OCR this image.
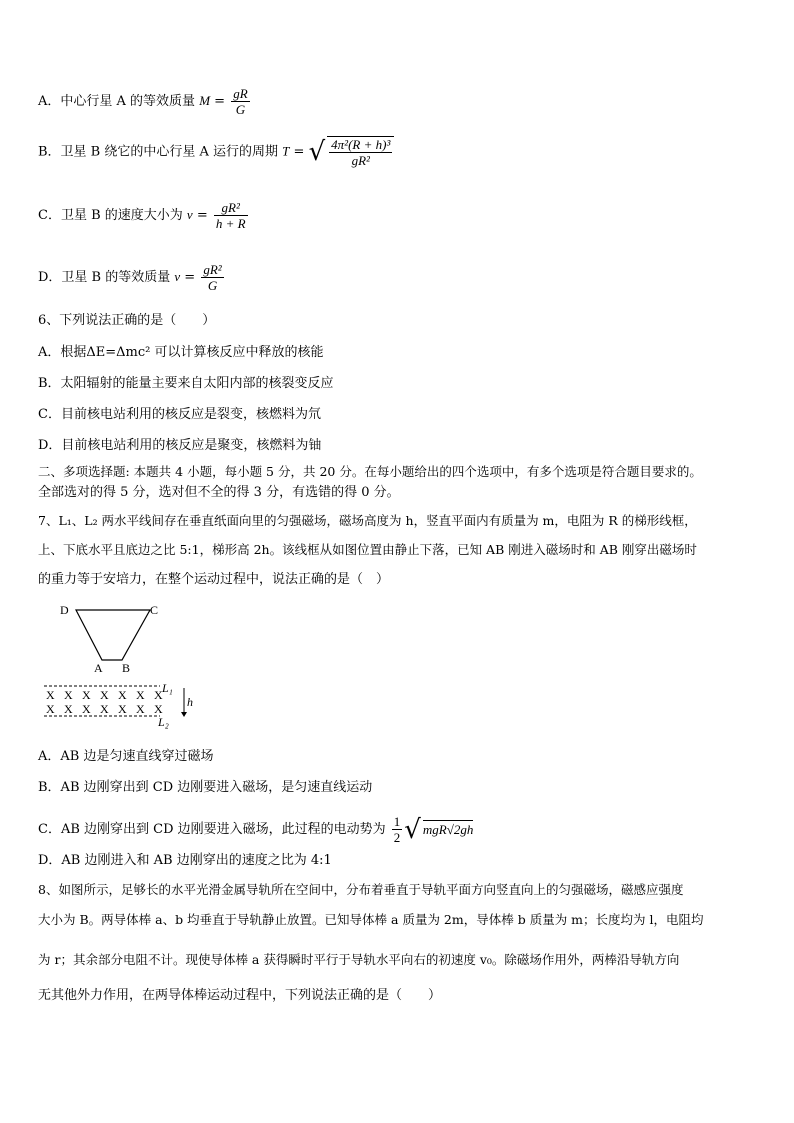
A．中心行星 A 的等效质量 $M = \frac{gR}{G}$
B．卫星 B 绕它的中心行星 A 运行的周期 T = √ $\frac{\text{4π²(R + h)³}}{\text{gR²}}$
C．卫星 B 的速度大小为 $v = \frac{\text{gR²}}{h + R}$
D．卫星 B 的等效质量 $v = \frac{\text{gR²}}{G}$
6、下列说法正确的是（　　）
A．根据ΔE=Δmc² 可以计算核反应中释放的核能
B．太阳辐射的能量主要来自太阳内部的核裂变反应
C．目前核电站利用的核反应是裂变，核燃料为氘
D．目前核电站利用的核反应是聚变，核燃料为铀
二、多项选择题: 本题共 4 小题，每小题 5 分，共 20 分。在每小题给出的四个选项中，有多个选项是符合题目要求的。
全部选对的得 5 分，选对但不全的得 3 分，有选错的得 0 分。
7、L₁、L₂ 两水平线间存在垂直纸面向里的匀强磁场，磁场高度为 h，竖直平面内有质量为 m，电阻为 R 的梯形线框，
上、下底水平且底边之比 5:1，梯形高 2h。该线框从如图位置由静止下落，已知 AB 刚进入磁场时和 AB 刚穿出磁场时
的重力等于安培力，在整个运动过程中，说法正确的是（　）
D	C
A B
X X X X X X X
X X X X X X X
L₁
L₂
h
A．AB 边是匀速直线穿过磁场
B．AB 边刚穿出到 CD 边刚要进入磁场，是匀速直线运动
C．AB 边刚穿出到 CD 边刚要进入磁场，此过程的电动势为 $\frac{1}{2}$ √ mgR√2gh
D．AB 边刚进入和 AB 边刚穿出的速度之比为 4:1
8、如图所示，足够长的水平光滑金属导轨所在空间中，分布着垂直于导轨平面方向竖直向上的匀强磁场，磁感应强度
大小为 B。两导体棒 a、b 均垂直于导轨静止放置。已知导体棒 a 质量为 2m，导体棒 b 质量为 m；长度均为 l，电阻均
为 r；其余部分电阻不计。现使导体棒 a 获得瞬时平行于导轨水平向右的初速度 v₀。除磁场作用外，两棒沿导轨方向
无其他外力作用，在两导体棒运动过程中，下列说法正确的是（　　）
